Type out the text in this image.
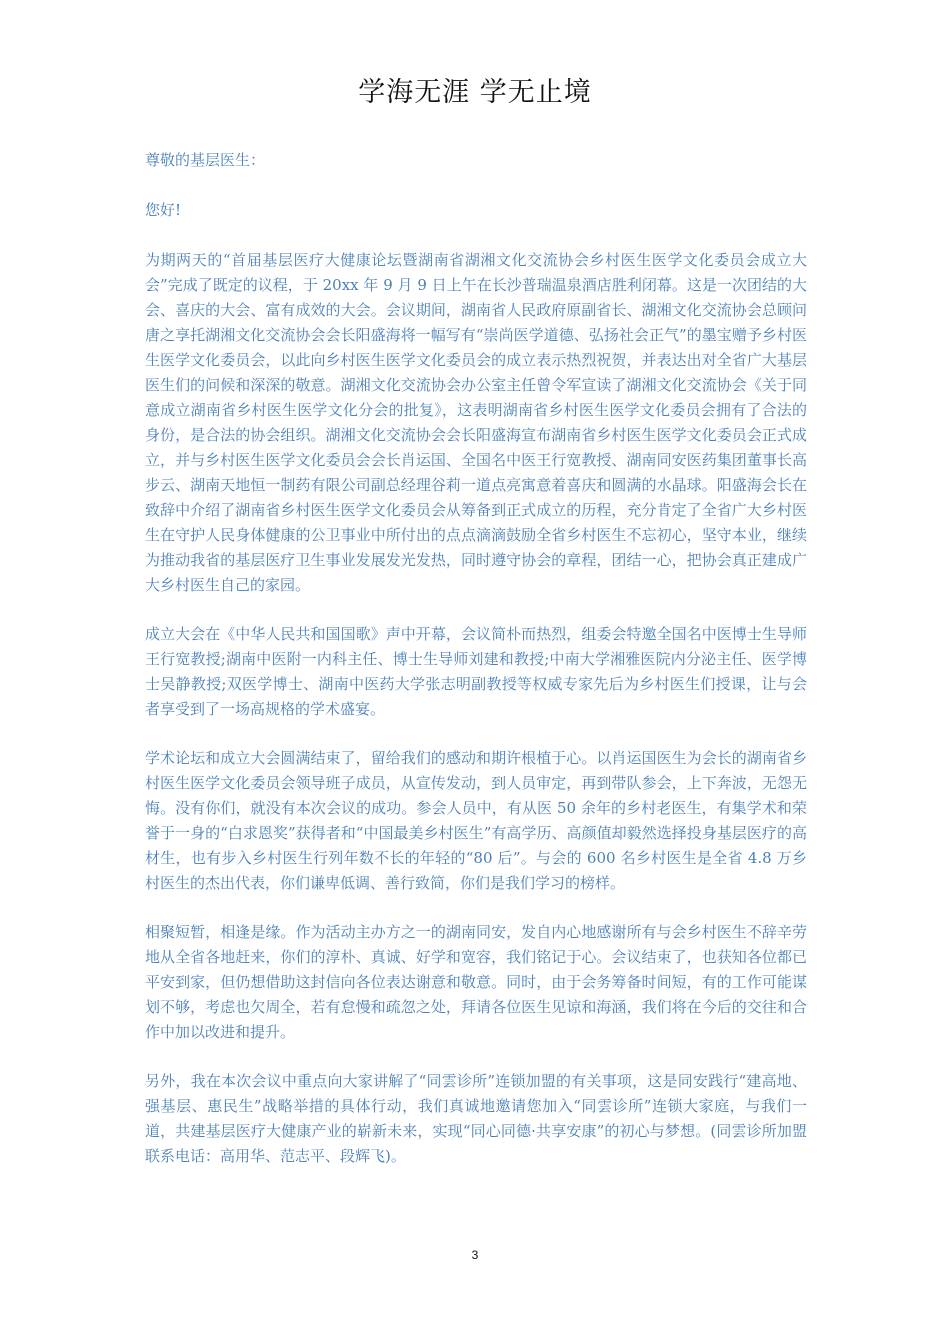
学海无涯 学无止境

尊敬的基层医生：

您好!

为期两天的“首届基层医疗大健康论坛暨湖南省湖湘文化交流协会乡村医生医学文化委员会成立大会”完成了既定的议程，于 20xx 年 9 月 9 日上午在长沙普瑞温泉酒店胜利闭幕。这是一次团结的大会、喜庆的大会、富有成效的大会。会议期间，湖南省人民政府原副省长、湖湘文化交流协会总顾问唐之享托湖湘文化交流协会会长阳盛海将一幅写有“崇尚医学道德、弘扬社会正气”的墨宝赠予乡村医生医学文化委员会，以此向乡村医生医学文化委员会的成立表示热烈祝贺，并表达出对全省广大基层医生们的问候和深深的敬意。湖湘文化交流协会办公室主任曾令军宣读了湖湘文化交流协会《关于同意成立湖南省乡村医生医学文化分会的批复》，这表明湖南省乡村医生医学文化委员会拥有了合法的身份，是合法的协会组织。湖湘文化交流协会会长阳盛海宣布湖南省乡村医生医学文化委员会正式成立，并与乡村医生医学文化委员会会长肖运国、全国名中医王行宽教授、湖南同安医药集团董事长高步云、湖南天地恒一制药有限公司副总经理谷莉一道点亮寓意着喜庆和圆满的水晶球。阳盛海会长在致辞中介绍了湖南省乡村医生医学文化委员会从筹备到正式成立的历程，充分肯定了全省广大乡村医生在守护人民身体健康的公卫事业中所付出的点点滴滴鼓励全省乡村医生不忘初心，坚守本业，继续为推动我省的基层医疗卫生事业发展发光发热，同时遵守协会的章程，团结一心，把协会真正建成广大乡村医生自己的家园。

成立大会在《中华人民共和国国歌》声中开幕，会议简朴而热烈，组委会特邀全国名中医博士生导师王行宽教授;湖南中医附一内科主任、博士生导师刘建和教授;中南大学湘雅医院内分泌主任、医学博士吴静教授;双医学博士、湖南中医药大学张志明副教授等权威专家先后为乡村医生们授课，让与会者享受到了一场高规格的学术盛宴。

学术论坛和成立大会圆满结束了，留给我们的感动和期许根植于心。以肖运国医生为会长的湖南省乡村医生医学文化委员会领导班子成员，从宣传发动，到人员审定，再到带队参会，上下奔波，无怨无悔。没有你们，就没有本次会议的成功。参会人员中，有从医 50 余年的乡村老医生，有集学术和荣誉于一身的“白求恩奖”获得者和“中国最美乡村医生”有高学历、高颜值却毅然选择投身基层医疗的高材生，也有步入乡村医生行列年数不长的年轻的“80 后”。与会的 600 名乡村医生是全省 4.8 万乡村医生的杰出代表，你们谦卑低调、善行致简，你们是我们学习的榜样。

相聚短暂，相逢是缘。作为活动主办方之一的湖南同安，发自内心地感谢所有与会乡村医生不辞辛劳地从全省各地赶来，你们的淳朴、真诚、好学和宽容，我们铭记于心。会议结束了，也获知各位都已平安到家，但仍想借助这封信向各位表达谢意和敬意。同时，由于会务筹备时间短，有的工作可能谋划不够，考虑也欠周全，若有怠慢和疏忽之处，拜请各位医生见谅和海涵，我们将在今后的交往和合作中加以改进和提升。

另外，我在本次会议中重点向大家讲解了“同雲诊所”连锁加盟的有关事项，这是同安践行“建高地、强基层、惠民生”战略举措的具体行动，我们真诚地邀请您加入“同雲诊所”连锁大家庭，与我们一道，共建基层医疗大健康产业的崭新未来，实现“同心同德·共享安康”的初心与梦想。(同雲诊所加盟联系电话：高用华、范志平、段辉飞)。

3
